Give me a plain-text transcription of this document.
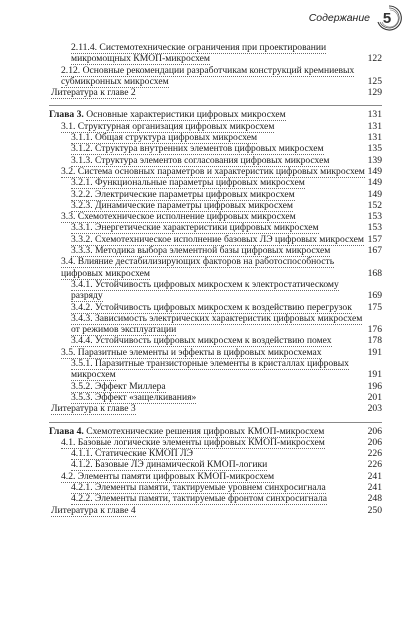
Содержание 5
2.11.4. Системотехнические ограничения при проектировании микромощных КМОП-микросхем	122
2.12. Основные рекомендации разработчикам конструкций кремниевых субмикронных микросхем	125
Литература к главе 2	129
Глава 3. Основные характеристики цифровых микросхем	131
3.1. Структурная организация цифровых микросхем	131
3.1.1. Общая структура цифровых микросхем	131
3.1.2. Структура внутренних элементов цифровых микросхем	135
3.1.3. Структура элементов согласования цифровых микросхем	139
3.2. Система основных параметров и характеристик цифровых микросхем 149
3.2.1. Функциональные параметры цифровых микросхем	149
3.2.2. Электрические параметры цифровых микросхем	149
3.2.3. Динамические параметры цифровых микросхем	152
3.3. Схемотехническое исполнение цифровых микросхем	153
3.3.1. Энергетические характеристики цифровых микросхем	153
3.3.2. Схемотехническое исполнение базовых ЛЭ цифровых микросхем 157
3.3.3. Методика выбора элементной базы цифровых микросхем	167
3.4. Влияние дестабилизирующих факторов на работоспособность цифровых микросхем	168
3.4.1. Устойчивость цифровых микросхем к электростатическому разряду	169
3.4.2. Устойчивость цифровых микросхем к воздействию перегрузок	175
3.4.3. Зависимость электрических характеристик цифровых микросхем от режимов эксплуатации	176
3.4.4. Устойчивость цифровых микросхем к воздействию помех	178
3.5. Паразитные элементы и эффекты в цифровых микросхемах	191
3.5.1. Паразитные транзисторные элементы в кристаллах цифровых микросхем	191
3.5.2. Эффект Миллера	196
3.5.3. Эффект «защелкивания»	201
Литература к главе 3	203
Глава 4. Схемотехнические решения цифровых КМОП-микросхем	206
4.1. Базовые логические элементы цифровых КМОП-микросхем	206
4.1.1. Статические КМОП ЛЭ	226
4.1.2. Базовые ЛЭ динамической КМОП-логики	226
4.2. Элементы памяти цифровых КМОП-микросхем	241
4.2.1. Элементы памяти, тактируемые уровнем синхросигнала	241
4.2.2. Элементы памяти, тактируемые фронтом синхросигнала	248
Литература к главе 4	250
